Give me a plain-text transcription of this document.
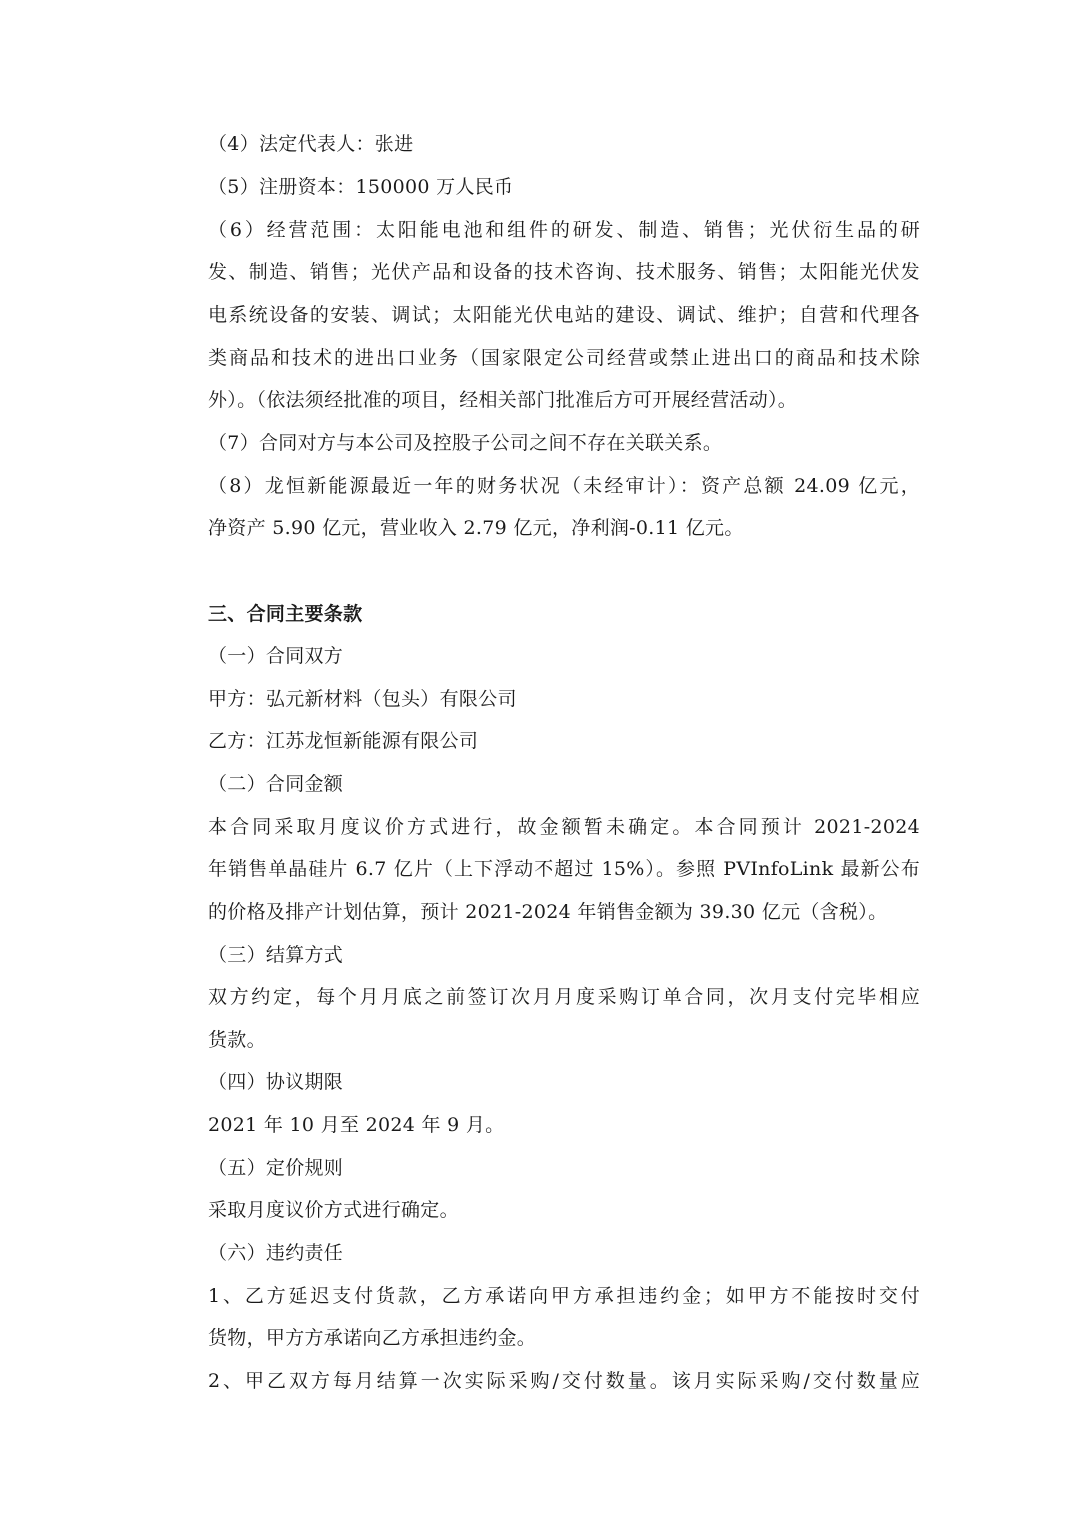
（4）法定代表人：张进
（5）注册资本：150000 万人民币
（6）经营范围：太阳能电池和组件的研发、制造、销售；光伏衍生品的研
发、制造、销售；光伏产品和设备的技术咨询、技术服务、销售；太阳能光伏发
电系统设备的安装、调试；太阳能光伏电站的建设、调试、维护；自营和代理各
类商品和技术的进出口业务（国家限定公司经营或禁止进出口的商品和技术除
外）。（依法须经批准的项目，经相关部门批准后方可开展经营活动）。
（7）合同对方与本公司及控股子公司之间不存在关联关系。
（8）龙恒新能源最近一年的财务状况（未经审计）：资产总额 24.09 亿元，
净资产 5.90 亿元，营业收入 2.79 亿元，净利润-0.11 亿元。
三、合同主要条款
（一）合同双方
甲方：弘元新材料（包头）有限公司
乙方：江苏龙恒新能源有限公司
（二）合同金额
本合同采取月度议价方式进行，故金额暂未确定。本合同预计 2021-2024
年销售单晶硅片 6.7 亿片（上下浮动不超过 15%）。参照 PVInfoLink 最新公布
的价格及排产计划估算，预计 2021-2024 年销售金额为 39.30 亿元（含税）。
（三）结算方式
双方约定，每个月月底之前签订次月月度采购订单合同，次月支付完毕相应
货款。
（四）协议期限
2021 年 10 月至 2024 年 9 月。
（五）定价规则
采取月度议价方式进行确定。
（六）违约责任
1、乙方延迟支付货款，乙方承诺向甲方承担违约金；如甲方不能按时交付
货物，甲方方承诺向乙方承担违约金。
2、甲乙双方每月结算一次实际采购/交付数量。该月实际采购/交付数量应
